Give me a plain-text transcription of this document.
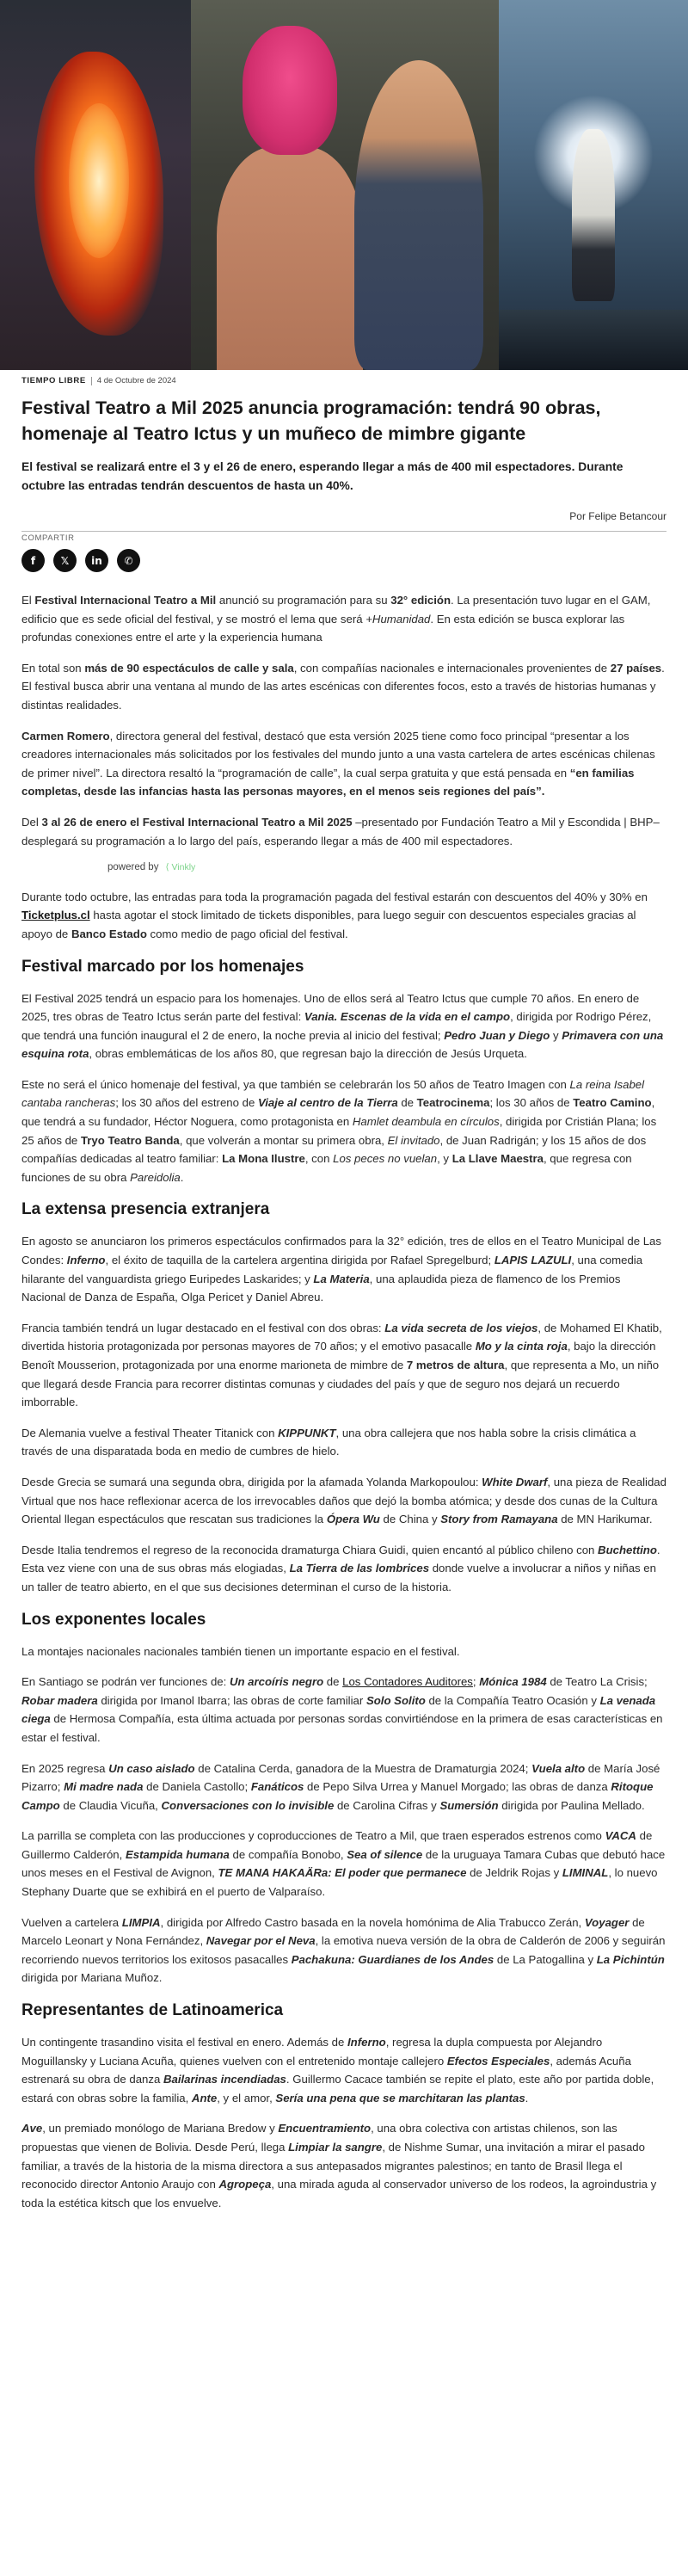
TIEMPO LIBRE 4 de Octubre de 2024
Festival Teatro a Mil 2025 anuncia programación: tendrá 90 obras, homenaje al Teatro Ictus y un muñeco de mimbre gigante

El festival se realizará entre el 3 y el 26 de enero, esperando llegar a más de 400 mil espectadores. Durante octubre las entradas tendrán descuentos de hasta un 40%.

Por Felipe Betancour
COMPARTIR
f	𝕏	in	✆

El Festival Internacional Teatro a Mil anunció su programación para su 32° edición. La presentación tuvo lugar en el GAM, edificio que es sede oficial del festival, y se mostró el lema que será +Humanidad. En esta edición se busca explorar las profundas conexiones entre el arte y la experiencia humana

En total son más de 90 espectáculos de calle y sala, con compañías nacionales e internacionales provenientes de 27 países. El festival busca abrir una ventana al mundo de las artes escénicas con diferentes focos, esto a través de historias humanas y distintas realidades.

Carmen Romero, directora general del festival, destacó que esta versión 2025 tiene como foco principal “presentar a los creadores internacionales más solicitados por los festivales del mundo junto a una vasta cartelera de artes escénicas chilenas de primer nivel”. La directora resaltó la “programación de calle”, la cual serpa gratuita y que está pensada en “en familias completas, desde las infancias hasta las personas mayores, en el menos seis regiones del país”.

Del 3 al 26 de enero el Festival Internacional Teatro a Mil 2025 –presentado por Fundación Teatro a Mil y Escondida | BHP– desplegará su programación a lo largo del país, esperando llegar a más de 400 mil espectadores.

powered by ⟨ Vinkly

Durante todo octubre, las entradas para toda la programación pagada del festival estarán con descuentos del 40% y 30% en Ticketplus.cl hasta agotar el stock limitado de tickets disponibles, para luego seguir con descuentos especiales gracias al apoyo de Banco Estado como medio de pago oficial del festival.

Festival marcado por los homenajes

El Festival 2025 tendrá un espacio para los homenajes. Uno de ellos será al Teatro Ictus que cumple 70 años. En enero de 2025, tres obras de Teatro Ictus serán parte del festival: Vania. Escenas de la vida en el campo, dirigida por Rodrigo Pérez, que tendrá una función inaugural el 2 de enero, la noche previa al inicio del festival; Pedro Juan y Diego y Primavera con una esquina rota, obras emblemáticas de los años 80, que regresan bajo la dirección de Jesús Urqueta.

Este no será el único homenaje del festival, ya que también se celebrarán los 50 años de Teatro Imagen con La reina Isabel cantaba rancheras; los 30 años del estreno de Viaje al centro de la Tierra de Teatrocinema; los 30 años de Teatro Camino, que tendrá a su fundador, Héctor Noguera, como protagonista en Hamlet deambula en círculos, dirigida por Cristián Plana; los 25 años de Tryo Teatro Banda, que volverán a montar su primera obra, El invitado, de Juan Radrigán; y los 15 años de dos compañías dedicadas al teatro familiar: La Mona Ilustre, con Los peces no vuelan, y La Llave Maestra, que regresa con funciones de su obra Pareidolia.

La extensa presencia extranjera

En agosto se anunciaron los primeros espectáculos confirmados para la 32° edición, tres de ellos en el Teatro Municipal de Las Condes: Inferno, el éxito de taquilla de la cartelera argentina dirigida por Rafael Spregelburd; LAPIS LAZULI, una comedia hilarante del vanguardista griego Euripedes Laskarides; y La Materia, una aplaudida pieza de flamenco de los Premios Nacional de Danza de España, Olga Pericet y Daniel Abreu.

Francia también tendrá un lugar destacado en el festival con dos obras: La vida secreta de los viejos, de Mohamed El Khatib, divertida historia protagonizada por personas mayores de 70 años; y el emotivo pasacalle Mo y la cinta roja, bajo la dirección Benoît Mousserion, protagonizada por una enorme marioneta de mimbre de 7 metros de altura, que representa a Mo, un niño que llegará desde Francia para recorrer distintas comunas y ciudades del país y que de seguro nos dejará un recuerdo imborrable.

De Alemania vuelve a festival Theater Titanick con KIPPUNKT, una obra callejera que nos habla sobre la crisis climática a través de una disparatada boda en medio de cumbres de hielo.

Desde Grecia se sumará una segunda obra, dirigida por la afamada Yolanda Markopoulou: White Dwarf, una pieza de Realidad Virtual que nos hace reflexionar acerca de los irrevocables daños que dejó la bomba atómica; y desde dos cunas de la Cultura Oriental llegan espectáculos que rescatan sus tradiciones la Ópera Wu de China y Story from Ramayana de MN Harikumar.

Desde Italia tendremos el regreso de la reconocida dramaturga Chiara Guidi, quien encantó al público chileno con Buchettino. Esta vez viene con una de sus obras más elogiadas, La Tierra de las lombrices donde vuelve a involucrar a niños y niñas en un taller de teatro abierto, en el que sus decisiones determinan el curso de la historia.

Los exponentes locales

La montajes nacionales nacionales también tienen un importante espacio en el festival.

En Santiago se podrán ver funciones de: Un arcoíris negro de Los Contadores Auditores; Mónica 1984 de Teatro La Crisis; Robar madera dirigida por Imanol Ibarra; las obras de corte familiar Solo Solito de la Compañía Teatro Ocasión y La venada ciega de Hermosa Compañía, esta última actuada por personas sordas convirtiéndose en la primera de esas características en estar el festival.

En 2025 regresa Un caso aislado de Catalina Cerda, ganadora de la Muestra de Dramaturgia 2024; Vuela alto de María José Pizarro; Mi madre nada de Daniela Castollo; Fanáticos de Pepo Silva Urrea y Manuel Morgado; las obras de danza Ritoque Campo de Claudia Vicuña, Conversaciones con lo invisible de Carolina Cifras y Sumersión dirigida por Paulina Mellado.

La parrilla se completa con las producciones y coproducciones de Teatro a Mil, que traen esperados estrenos como VACA de Guillermo Calderón, Estampida humana de compañía Bonobo, Sea of silence de la uruguaya Tamara Cubas que debutó hace unos meses en el Festival de Avignon, TE MANA HAKAÄRa: El poder que permanece de Jeldrik Rojas y LIMINAL, lo nuevo Stephany Duarte que se exhibirá en el puerto de Valparaíso.

Vuelven a cartelera LIMPIA, dirigida por Alfredo Castro basada en la novela homónima de Alia Trabucco Zerán, Voyager de Marcelo Leonart y Nona Fernández, Navegar por el Neva, la emotiva nueva versión de la obra de Calderón de 2006 y seguirán recorriendo nuevos territorios los exitosos pasacalles Pachakuna: Guardianes de los Andes de La Patogallina y La Pichintún dirigida por Mariana Muñoz.

Representantes de Latinoamerica

Un contingente trasandino visita el festival en enero. Además de Inferno, regresa la dupla compuesta por Alejandro Moguillansky y Luciana Acuña, quienes vuelven con el entretenido montaje callejero Efectos Especiales, además Acuña estrenará su obra de danza Bailarinas incendiadas. Guillermo Cacace también se repite el plato, este año por partida doble, estará con obras sobre la familia, Ante, y el amor, Sería una pena que se marchitaran las plantas.

Ave, un premiado monólogo de Mariana Bredow y Encuentramiento, una obra colectiva con artistas chilenos, son las propuestas que vienen de Bolivia. Desde Perú, llega Limpiar la sangre, de Nishme Sumar, una invitación a mirar el pasado familiar, a través de la historia de la misma directora a sus antepasados migrantes palestinos; en tanto de Brasil llega el reconocido director Antonio Araujo con Agropeça, una mirada aguda al conservador universo de los rodeos, la agroindustria y toda la estética kitsch que los envuelve.
